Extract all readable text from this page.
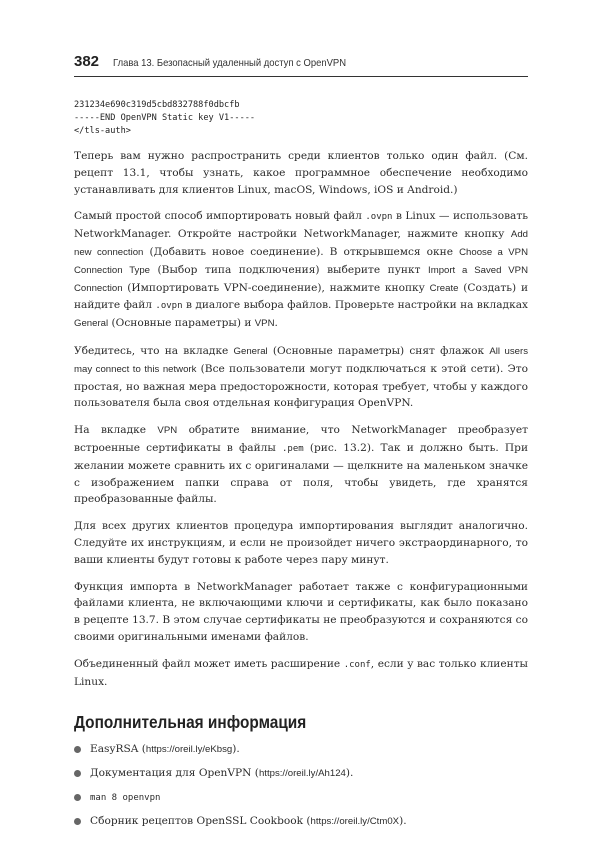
382 Глава 13. Безопасный удаленный доступ с OpenVPN
231234e690c319d5cbd832788f0dbcfb
-----END OpenVPN Static key V1-----
</tls-auth>

Теперь вам нужно распространить среди клиентов только один файл. (См. рецепт 13.1, чтобы узнать, какое программное обеспечение необходимо устанавливать для клиентов Linux, macOS, Windows, iOS и Android.)

Самый простой способ импортировать новый файл .ovpn в Linux — использовать NetworkManager. Откройте настройки NetworkManager, нажмите кнопку Add new connection (Добавить новое соединение). В открывшемся окне Choose a VPN Connection Type (Выбор типа подключения) выберите пункт Import a Saved VPN Connection (Импортировать VPN-соединение), нажмите кнопку Create (Создать) и найдите файл .ovpn в диалоге выбора файлов. Проверьте настройки на вкладках General (Основные параметры) и VPN.

Убедитесь, что на вкладке General (Основные параметры) снят флажок All users may connect to this network (Все пользователи могут подключаться к этой сети). Это простая, но важная мера предосторожности, которая требует, чтобы у каждого пользователя была своя отдельная конфигурация OpenVPN.

На вкладке VPN обратите внимание, что NetworkManager преобразует встроенные сертификаты в файлы .pem (рис. 13.2). Так и должно быть. При желании можете сравнить их с оригиналами — щелкните на маленьком значке с изображением папки справа от поля, чтобы увидеть, где хранятся преобразованные файлы.

Для всех других клиентов процедура импортирования выглядит аналогично. Следуйте их инструкциям, и если не произойдет ничего экстраординарного, то ваши клиенты будут готовы к работе через пару минут.

Функция импорта в NetworkManager работает также с конфигурационными файлами клиента, не включающими ключи и сертификаты, как было показано в рецепте 13.7. В этом случае сертификаты не преобразуются и сохраняются со своими оригинальными именами файлов.

Объединенный файл может иметь расширение .conf, если у вас только клиенты Linux.

Дополнительная информация
EasyRSA (https://oreil.ly/eKbsg).
Документация для OpenVPN (https://oreil.ly/Ah124).
man 8 openvpn
Сборник рецептов OpenSSL Cookbook (https://oreil.ly/Ctm0X).
